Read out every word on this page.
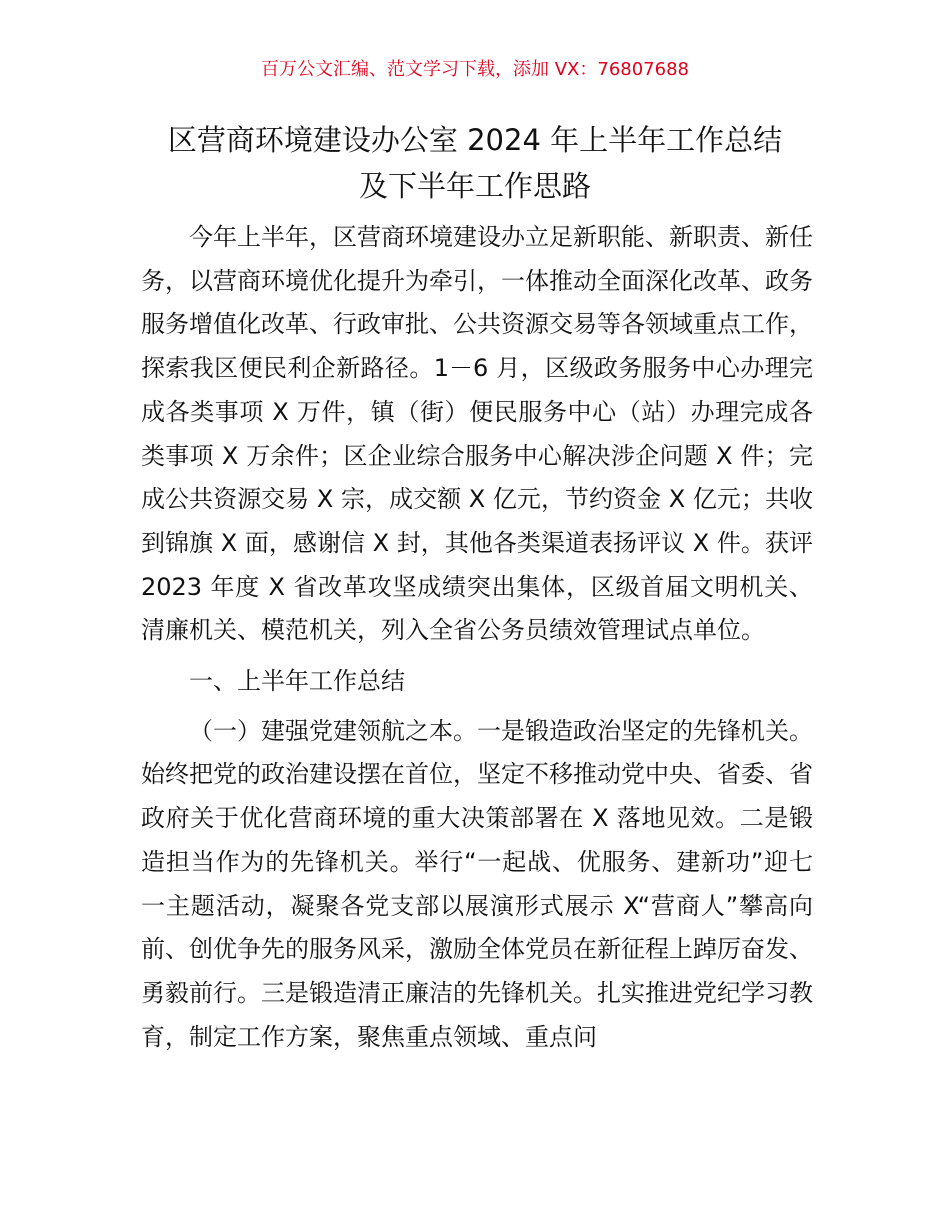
百万公文汇编、范文学习下载，添加 VX：76807688
区营商环境建设办公室 2024 年上半年工作总结
及下半年工作思路

今年上半年，区营商环境建设办立足新职能、新职责、新任务，以营商环境优化提升为牵引，一体推动全面深化改革、政务服务增值化改革、行政审批、公共资源交易等各领域重点工作，探索我区便民利企新路径。1－6 月，区级政务服务中心办理完成各类事项 X 万件，镇（街）便民服务中心（站）办理完成各类事项 X 万余件；区企业综合服务中心解决涉企问题 X 件；完成公共资源交易 X 宗，成交额 X 亿元，节约资金 X 亿元；共收到锦旗 X 面，感谢信 X 封，其他各类渠道表扬评议 X 件。获评 2023 年度 X 省改革攻坚成绩突出集体，区级首届文明机关、清廉机关、模范机关，列入全省公务员绩效管理试点单位。

一、上半年工作总结

（一）建强党建领航之本。一是锻造政治坚定的先锋机关。始终把党的政治建设摆在首位，坚定不移推动党中央、省委、省政府关于优化营商环境的重大决策部署在 X 落地见效。二是锻造担当作为的先锋机关。举行“一起战、优服务、建新功”迎七一主题活动，凝聚各党支部以展演形式展示 X“营商人”攀高向前、创优争先的服务风采，激励全体党员在新征程上踔厉奋发、勇毅前行。三是锻造清正廉洁的先锋机关。扎实推进党纪学习教育，制定工作方案，聚焦重点领域、重点问
